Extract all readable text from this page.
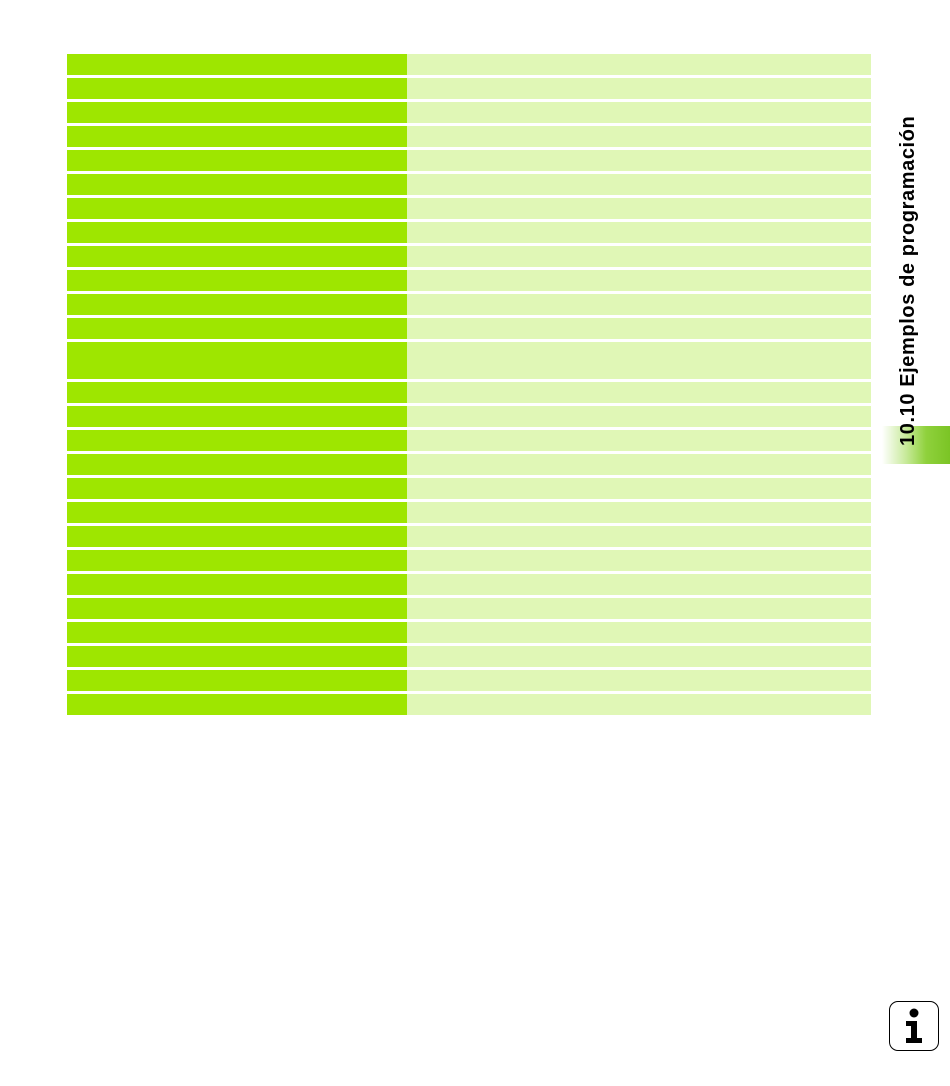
10.10 Ejemplos de programación
